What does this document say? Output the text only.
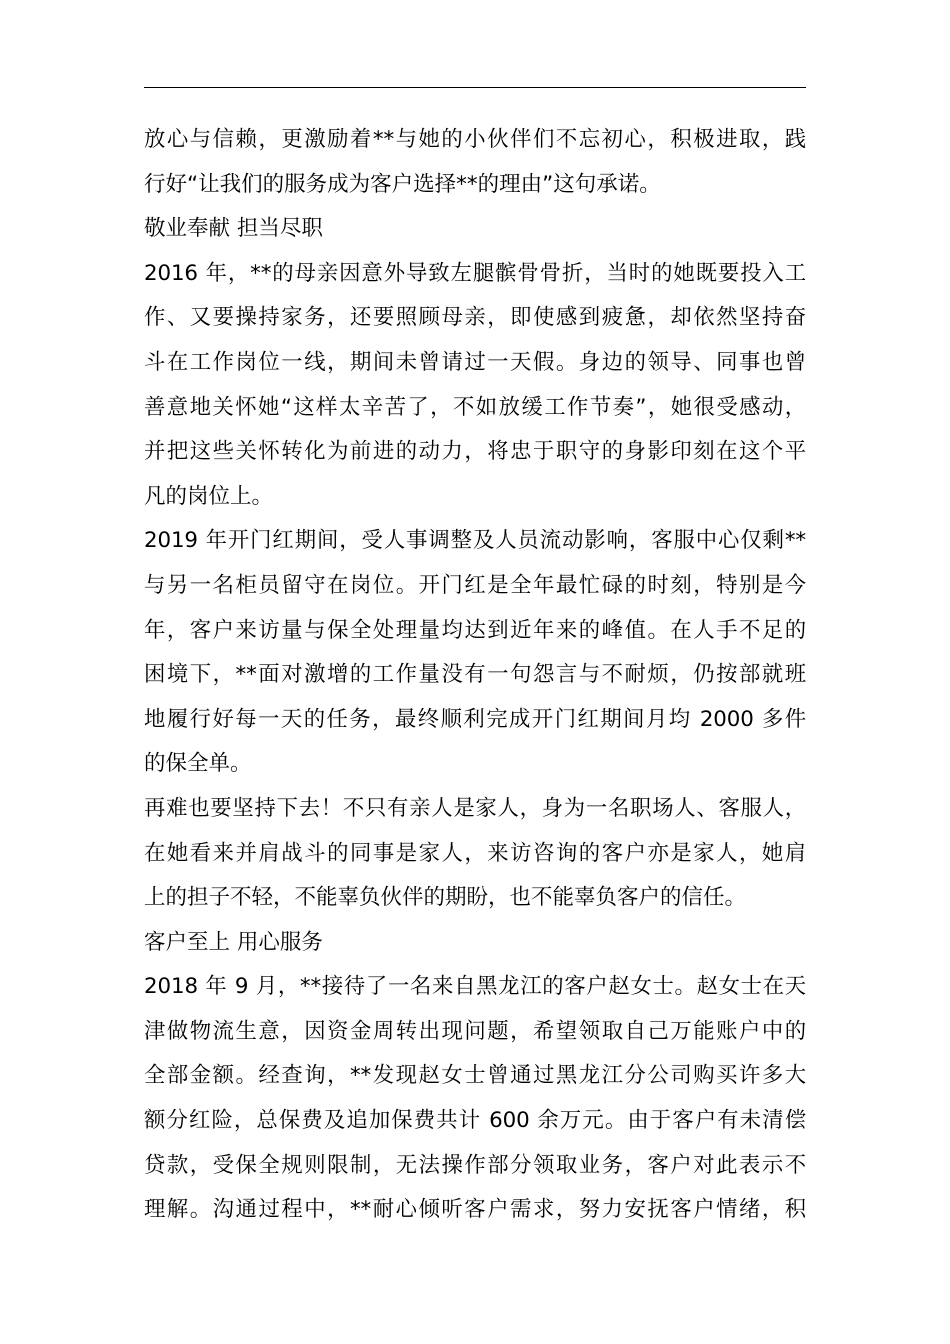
放心与信赖，更激励着**与她的小伙伴们不忘初心，积极进取，践
行好“让我们的服务成为客户选择**的理由”这句承诺。
敬业奉献 担当尽职
2016 年，**的母亲因意外导致左腿髌骨骨折，当时的她既要投入工
作、又要操持家务，还要照顾母亲，即使感到疲惫，却依然坚持奋
斗在工作岗位一线，期间未曾请过一天假。身边的领导、同事也曾
善意地关怀她“这样太辛苦了，不如放缓工作节奏”，她很受感动，
并把这些关怀转化为前进的动力，将忠于职守的身影印刻在这个平
凡的岗位上。
2019 年开门红期间，受人事调整及人员流动影响，客服中心仅剩**
与另一名柜员留守在岗位。开门红是全年最忙碌的时刻，特别是今
年，客户来访量与保全处理量均达到近年来的峰值。在人手不足的
困境下，**面对激增的工作量没有一句怨言与不耐烦，仍按部就班
地履行好每一天的任务，最终顺利完成开门红期间月均 2000 多件
的保全单。
再难也要坚持下去！不只有亲人是家人，身为一名职场人、客服人，
在她看来并肩战斗的同事是家人，来访咨询的客户亦是家人，她肩
上的担子不轻，不能辜负伙伴的期盼，也不能辜负客户的信任。
客户至上 用心服务
2018 年 9 月，**接待了一名来自黑龙江的客户赵女士。赵女士在天
津做物流生意，因资金周转出现问题，希望领取自己万能账户中的
全部金额。经查询，**发现赵女士曾通过黑龙江分公司购买许多大
额分红险，总保费及追加保费共计 600 余万元。由于客户有未清偿
贷款，受保全规则限制，无法操作部分领取业务，客户对此表示不
理解。沟通过程中，**耐心倾听客户需求，努力安抚客户情绪，积
